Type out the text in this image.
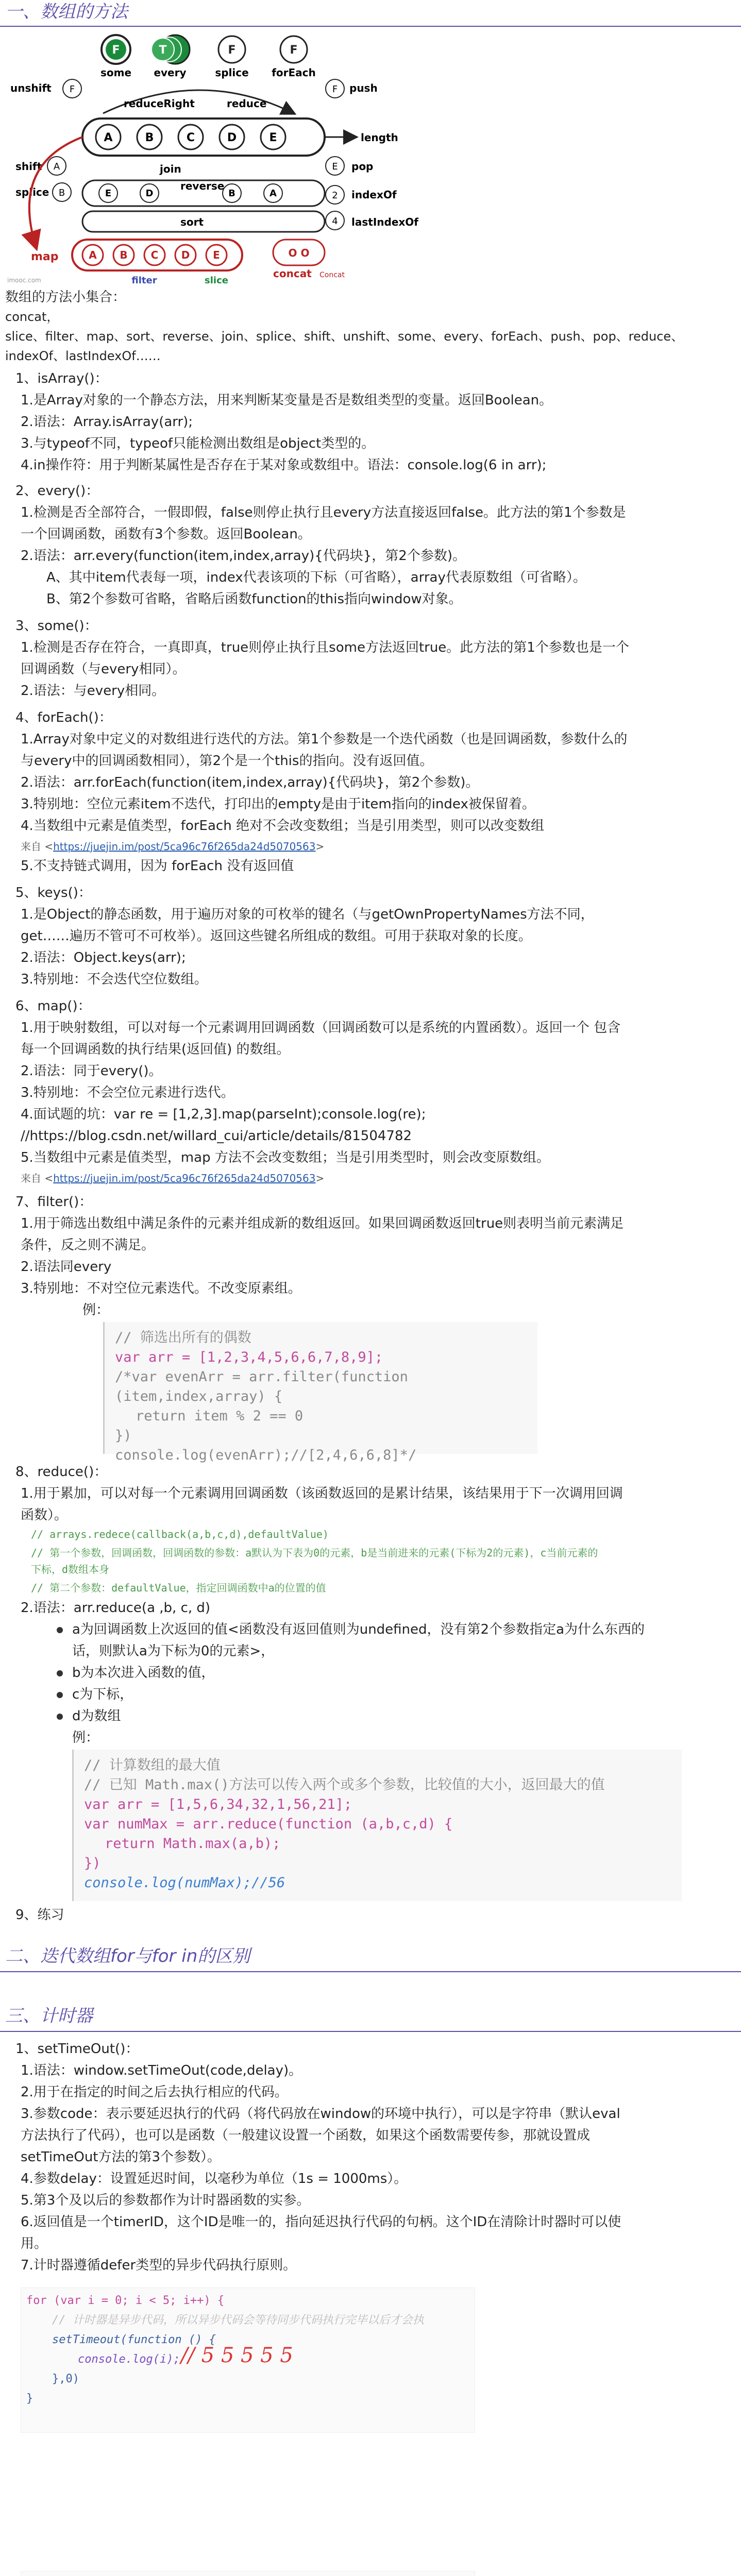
一、数组的方法
F	T	F	F
some every	splice forEach
unshift F	F push
reduceRight	reduce
A	B	C	D	E	length
shift A	join	E pop
splice B	E	D	B	A
reverse
2 indexOf
sort	4 lastIndexOf
map	A B C D E	O O
concat Concat
filter	slice
imooc.com
数组的方法小集合：
concat，
slice、filter、map、sort、reverse、join、splice、shift、unshift、some、every、forEach、push、pop、reduce、
indexOf、lastIndexOf……
1、isArray()：
1.是Array对象的一个静态方法，用来判断某变量是否是数组类型的变量。返回Boolean。
2.语法：Array.isArray(arr);
3.与typeof不同，typeof只能检测出数组是object类型的。
4.in操作符：用于判断某属性是否存在于某对象或数组中。语法：console.log(6 in arr);
2、every()：
1.检测是否全部符合，一假即假，false则停止执行且every方法直接返回false。此方法的第1个参数是
一个回调函数，函数有3个参数。返回Boolean。
2.语法：arr.every(function(item,index,array){代码块}，第2个参数)。
A、其中item代表每一项，index代表该项的下标（可省略），array代表原数组（可省略）。
B、第2个参数可省略，省略后函数function的this指向window对象。
3、some()：
1.检测是否存在符合，一真即真，true则停止执行且some方法返回true。此方法的第1个参数也是一个
回调函数（与every相同）。
2.语法：与every相同。
4、forEach()：
1.Array对象中定义的对数组进行迭代的方法。第1个参数是一个迭代函数（也是回调函数，参数什么的
与every中的回调函数相同），第2个是一个this的指向。没有返回值。
2.语法：arr.forEach(function(item,index,array){代码块}，第2个参数)。
3.特别地：空位元素item不迭代，打印出的empty是由于item指向的index被保留着。
4.当数组中元素是值类型，forEach 绝对不会改变数组；当是引用类型，则可以改变数组
来自 <https://juejin.im/post/5ca96c76f265da24d5070563>
5.不支持链式调用，因为 forEach 没有返回值
5、keys()：
1.是Object的静态函数，用于遍历对象的可枚举的键名（与getOwnPropertyNames方法不同，
get……遍历不管可不可枚举）。返回这些键名所组成的数组。可用于获取对象的长度。
2.语法：Object.keys(arr);
3.特别地：不会迭代空位数组。
6、map()：
1.用于映射数组，可以对每一个元素调用回调函数（回调函数可以是系统的内置函数）。返回一个 包含
每一个回调函数的执行结果(返回值) 的数组。
2.语法：同于every()。
3.特别地：不会空位元素进行迭代。
4.面试题的坑：var re = [1,2,3].map(parseInt);console.log(re);
//https://blog.csdn.net/willard_cui/article/details/81504782
5.当数组中元素是值类型，map 方法不会改变数组；当是引用类型时，则会改变原数组。
来自 <https://juejin.im/post/5ca96c76f265da24d5070563>
7、filter()：
1.用于筛选出数组中满足条件的元素并组成新的数组返回。如果回调函数返回true则表明当前元素满足
条件，反之则不满足。
2.语法同every
3.特别地：不对空位元素迭代。不改变原素组。
例：
// 筛选出所有的偶数
var arr = [1,2,3,4,5,6,6,7,8,9];
/*var evenArr = arr.filter(function (item,index,array) {
return item % 2 == 0
})
console.log(evenArr);//[2,4,6,6,8]*/
8、reduce()：
1.用于累加，可以对每一个元素调用回调函数（该函数返回的是累计结果，该结果用于下一次调用回调
函数）。
// arrays.redece(callback(a,b,c,d),defaultValue)
// 第一个参数，回调函数，回调函数的参数：a默认为下表为0的元素，b是当前进来的元素(下标为2的元素)，c当前元素的
下标，d数组本身
// 第二个参数：defaultValue，指定回调函数中a的位置的值
2.语法：arr.reduce(a ,b, c, d)
a为回调函数上次返回的值<函数没有返回值则为undefined，没有第2个参数指定a为什么东西的
话，则默认a为下标为0的元素>，
b为本次进入函数的值，
c为下标，
d为数组
例：
// 计算数组的最大值
// 已知 Math.max()方法可以传入两个或多个参数，比较值的大小，返回最大的值
var arr = [1,5,6,34,32,1,56,21];
var numMax = arr.reduce(function (a,b,c,d) {
return Math.max(a,b);
})
console.log(numMax);//56
9、练习
二、迭代数组for与for in的区别
三、计时器
1、setTimeOut()：
1.语法：window.setTimeOut(code,delay)。
2.用于在指定的时间之后去执行相应的代码。
3.参数code：表示要延迟执行的代码（将代码放在window的环境中执行），可以是字符串（默认eval
方法执行了代码），也可以是函数（一般建议设置一个函数，如果这个函数需要传参，那就设置成
setTimeOut方法的第3个参数）。
4.参数delay：设置延迟时间，以毫秒为单位（1s = 1000ms）。
5.第3个及以后的参数都作为计时器函数的实参。
6.返回值是一个timerID，这个ID是唯一的，指向延迟执行代码的句柄。这个ID在清除计时器时可以使
用。
7.计时器遵循defer类型的异步代码执行原则。
for (var i = 0; i < 5; i++) {
// 计时器是异步代码，所以异步代码会等待同步代码执行完毕以后才会执
setTimeout(function () {
console.log(i);
},0)
}
// 5 5 5 5 5
